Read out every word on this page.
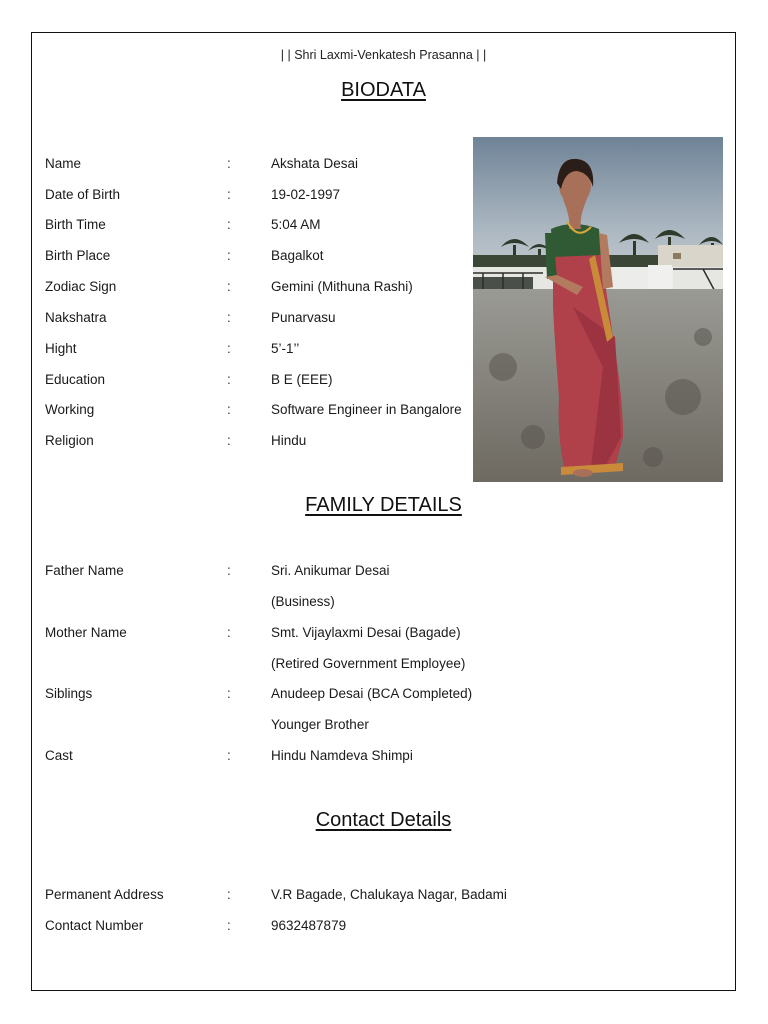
| | Shri Laxmi-Venkatesh Prasanna | |
BIODATA
Name	:	Akshata Desai
Date of Birth	:	19-02-1997
Birth Time	:	5:04 AM
Birth Place	:	Bagalkot
Zodiac Sign	:	Gemini (Mithuna Rashi)
Nakshatra	:	Punarvasu
Hight	:	5’-1’’
Education	:	B E (EEE)
Working	:	Software Engineer in Bangalore
Religion	:	Hindu
FAMILY DETAILS
Father Name	:	Sri. Anikumar Desai
(Business)
Mother Name	:	Smt. Vijaylaxmi Desai (Bagade)
(Retired Government Employee)
Siblings	:	Anudeep Desai (BCA Completed)
Younger Brother
Cast	:	Hindu Namdeva Shimpi
Contact Details
Permanent Address	:	V.R Bagade, Chalukaya Nagar, Badami
Contact Number	:	9632487879
